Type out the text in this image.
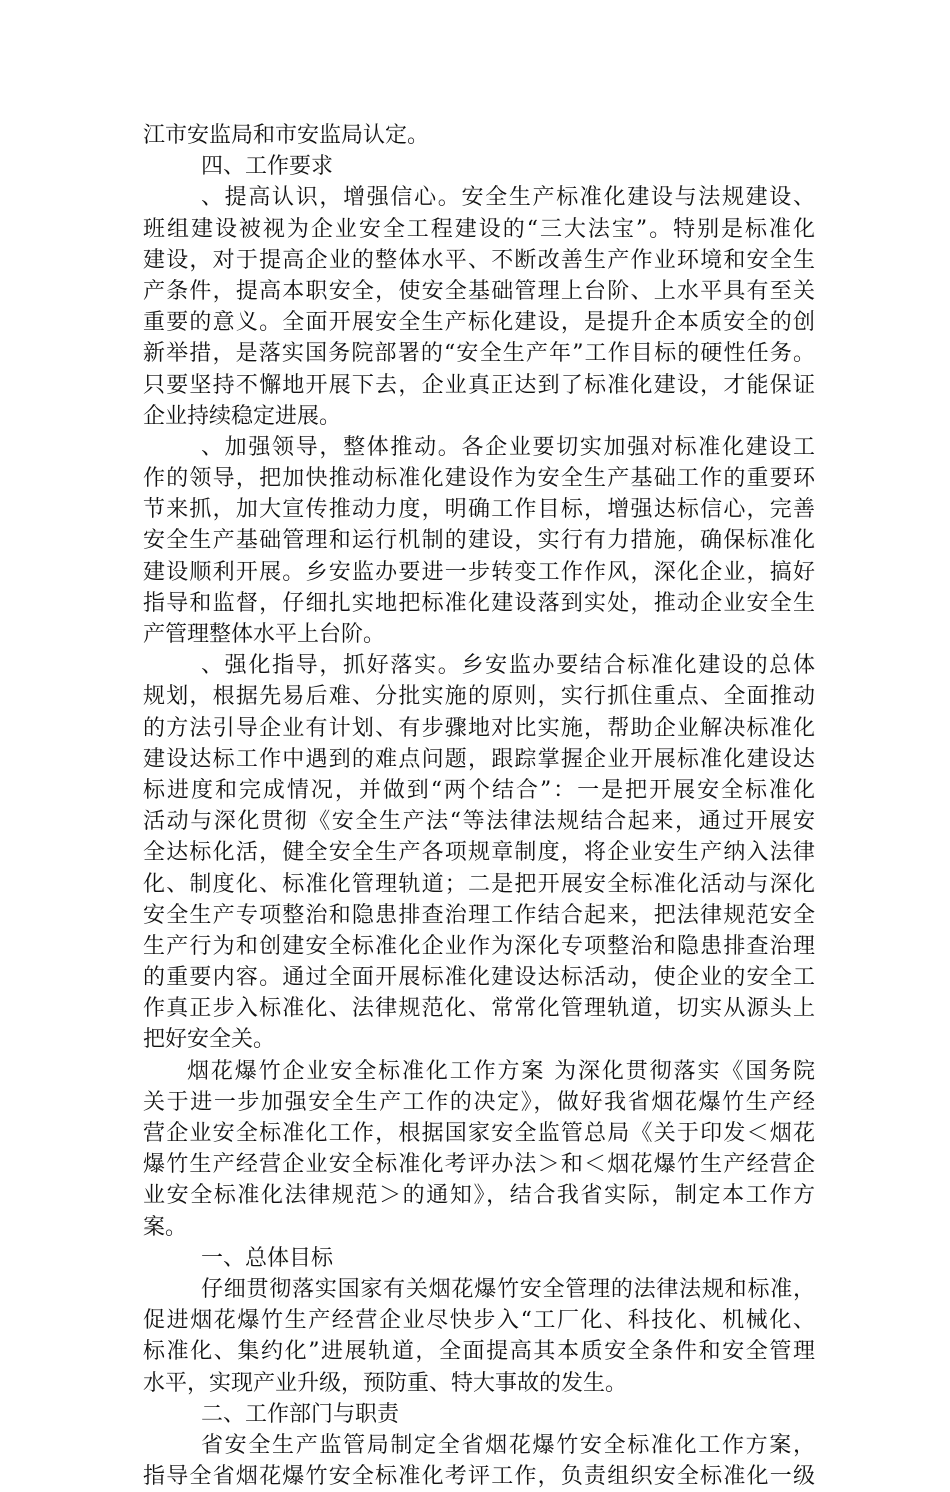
江市安监局和市安监局认定。
四、工作要求
、提高认识，增强信心。安全生产标准化建设与法规建设、
班组建设被视为企业安全工程建设的“三大法宝”。特别是标准化
建设，对于提高企业的整体水平、不断改善生产作业环境和安全生
产条件，提高本职安全，使安全基础管理上台阶、上水平具有至关
重要的意义。全面开展安全生产标化建设，是提升企本质安全的创
新举措，是落实国务院部署的“安全生产年”工作目标的硬性任务。
只要坚持不懈地开展下去，企业真正达到了标准化建设，才能保证
企业持续稳定进展。
、加强领导，整体推动。各企业要切实加强对标准化建设工
作的领导，把加快推动标准化建设作为安全生产基础工作的重要环
节来抓，加大宣传推动力度，明确工作目标，增强达标信心，完善
安全生产基础管理和运行机制的建设，实行有力措施，确保标准化
建设顺利开展。乡安监办要进一步转变工作作风，深化企业，搞好
指导和监督，仔细扎实地把标准化建设落到实处，推动企业安全生
产管理整体水平上台阶。
、强化指导，抓好落实。乡安监办要结合标准化建设的总体
规划，根据先易后难、分批实施的原则，实行抓住重点、全面推动
的方法引导企业有计划、有步骤地对比实施，帮助企业解决标准化
建设达标工作中遇到的难点问题，跟踪掌握企业开展标准化建设达
标进度和完成情况，并做到“两个结合”：一是把开展安全标准化
活动与深化贯彻《安全生产法“等法律法规结合起来，通过开展安
全达标化活，健全安全生产各项规章制度，将企业安生产纳入法律
化、制度化、标准化管理轨道；二是把开展安全标准化活动与深化
安全生产专项整治和隐患排查治理工作结合起来，把法律规范安全
生产行为和创建安全标准化企业作为深化专项整治和隐患排查治理
的重要内容。通过全面开展标准化建设达标活动，使企业的安全工
作真正步入标准化、法律规范化、常常化管理轨道，切实从源头上
把好安全关。
烟花爆竹企业安全标准化工作方案 为深化贯彻落实《国务院
关于进一步加强安全生产工作的决定》，做好我省烟花爆竹生产经
营企业安全标准化工作，根据国家安全监管总局《关于印发＜烟花
爆竹生产经营企业安全标准化考评办法＞和＜烟花爆竹生产经营企
业安全标准化法律规范＞的通知》，结合我省实际，制定本工作方
案。
一、总体目标
仔细贯彻落实国家有关烟花爆竹安全管理的法律法规和标准，
促进烟花爆竹生产经营企业尽快步入“工厂化、科技化、机械化、
标准化、集约化”进展轨道，全面提高其本质安全条件和安全管理
水平，实现产业升级，预防重、特大事故的发生。
二、工作部门与职责
省安全生产监管局制定全省烟花爆竹安全标准化工作方案，
指导全省烟花爆竹安全标准化考评工作，负责组织安全标准化一级
